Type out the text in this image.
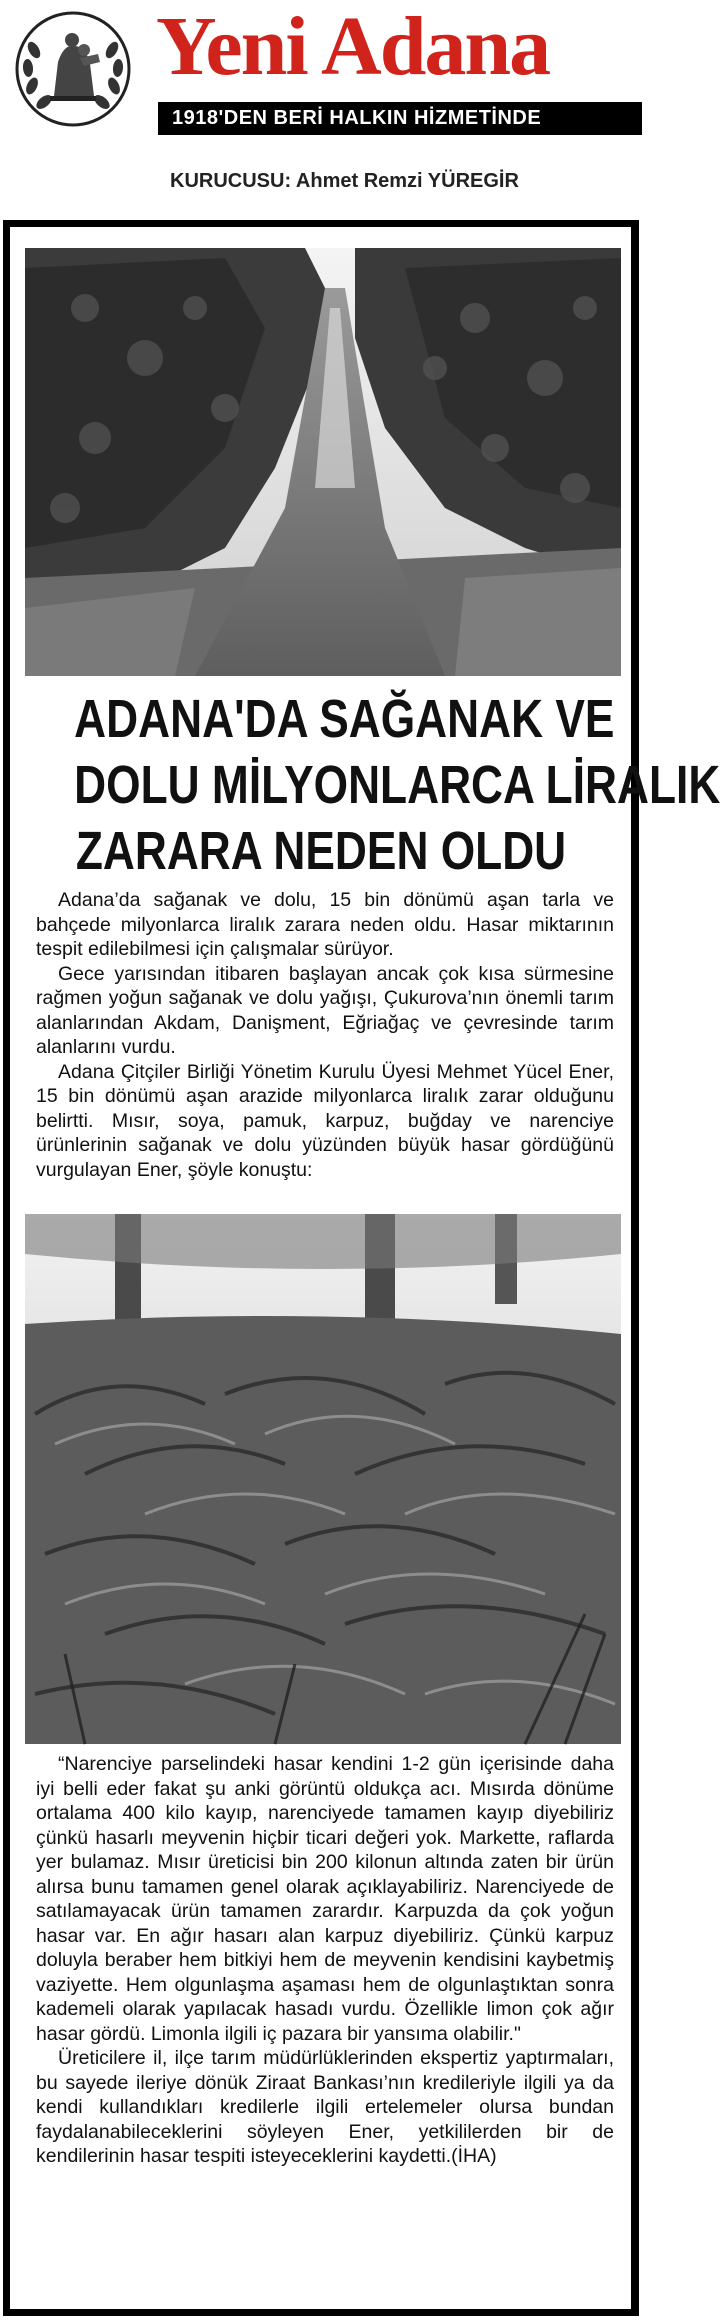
Yeni Adana
1918'DEN BERİ HALKIN HİZMETİNDE
KURUCUSU: Ahmet Remzi YÜREGİR
ADANA'DA SAĞANAK VE
DOLU MİLYONLARCA LİRALIK
ZARARA NEDEN OLDU

Adana’da sağanak ve dolu, 15 bin dönümü aşan tarla ve bahçede milyonlarca liralık zarara neden oldu. Hasar miktarının tespit edilebilmesi için çalışmalar sürüyor.

Gece yarısından itibaren başlayan ancak çok kısa sürmesine rağmen yoğun sağanak ve dolu yağışı, Çukurova’nın önemli tarım alanlarından Akdam, Danişment, Eğriağaç ve çevresinde tarım alanlarını vurdu.

Adana Çitçiler Birliği Yönetim Kurulu Üyesi Mehmet Yücel Ener, 15 bin dönümü aşan arazide milyonlarca liralık zarar olduğunu belirtti. Mısır, soya, pamuk, karpuz, buğday ve narenciye ürünlerinin sağanak ve dolu yüzünden büyük hasar gördüğünü vurgulayan Ener, şöyle konuştu:

“Narenciye parselindeki hasar kendini 1-2 gün içerisinde daha iyi belli eder fakat şu anki görüntü oldukça acı. Mısırda dönüme ortalama 400 kilo kayıp, narenciyede tamamen kayıp diyebiliriz çünkü hasarlı meyvenin hiçbir ticari değeri yok. Markette, raflarda yer bulamaz. Mısır üreticisi bin 200 kilonun altında zaten bir ürün alırsa bunu tamamen genel olarak açıklayabiliriz. Narenciyede de satılamayacak ürün tamamen zarardır. Karpuzda da çok yoğun hasar var. En ağır hasarı alan karpuz diyebiliriz. Çünkü karpuz doluyla beraber hem bitkiyi hem de meyvenin kendisini kaybetmiş vaziyette. Hem olgunlaşma aşaması hem de olgunlaştıktan sonra kademeli olarak yapılacak hasadı vurdu. Özellikle limon çok ağır hasar gördü. Limonla ilgili iç pazara bir yansıma olabilir."

Üreticilere il, ilçe tarım müdürlüklerinden ekspertiz yaptırmaları, bu sayede ileriye dönük Ziraat Bankası’nın kredileriyle ilgili ya da kendi kullandıkları kredilerle ilgili ertelemeler olursa bundan faydalanabileceklerini söyleyen Ener, yetkililerden bir de kendilerinin hasar tespiti isteyeceklerini kaydetti.(İHA)
